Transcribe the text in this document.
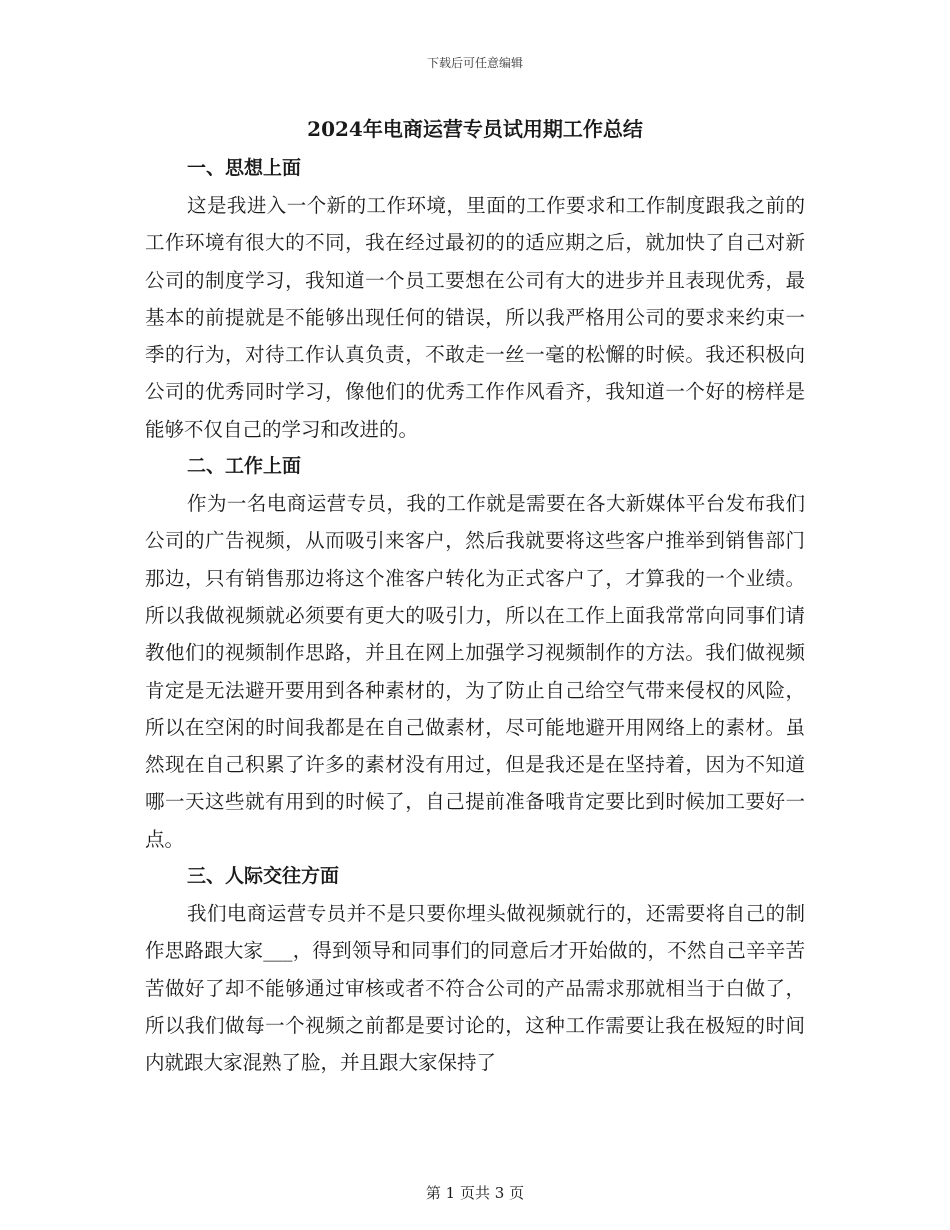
下载后可任意编辑
2024年电商运营专员试用期工作总结
一、思想上面

这是我进入一个新的工作环境，里面的工作要求和工作制度跟我之前的工作环境有很大的不同，我在经过最初的的适应期之后，就加快了自己对新公司的制度学习，我知道一个员工要想在公司有大的进步并且表现优秀，最基本的前提就是不能够出现任何的错误，所以我严格用公司的要求来约束一季的行为，对待工作认真负责，不敢走一丝一毫的松懈的时候。我还积极向公司的优秀同时学习，像他们的优秀工作作风看齐，我知道一个好的榜样是能够不仅自己的学习和改进的。

二、工作上面

作为一名电商运营专员，我的工作就是需要在各大新媒体平台发布我们公司的广告视频，从而吸引来客户，然后我就要将这些客户推举到销售部门那边，只有销售那边将这个准客户转化为正式客户了，才算我的一个业绩。所以我做视频就必须要有更大的吸引力，所以在工作上面我常常向同事们请教他们的视频制作思路，并且在网上加强学习视频制作的方法。我们做视频肯定是无法避开要用到各种素材的，为了防止自己给空气带来侵权的风险，所以在空闲的时间我都是在自己做素材，尽可能地避开用网络上的素材。虽然现在自己积累了许多的素材没有用过，但是我还是在坚持着，因为不知道哪一天这些就有用到的时候了，自己提前准备哦肯定要比到时候加工要好一点。

三、人际交往方面

我们电商运营专员并不是只要你埋头做视频就行的，还需要将自己的制作思路跟大家___，得到领导和同事们的同意后才开始做的，不然自己辛辛苦苦做好了却不能够通过审核或者不符合公司的产品需求那就相当于白做了，所以我们做每一个视频之前都是要讨论的，这种工作需要让我在极短的时间内就跟大家混熟了脸，并且跟大家保持了

第 1 页共 3 页
